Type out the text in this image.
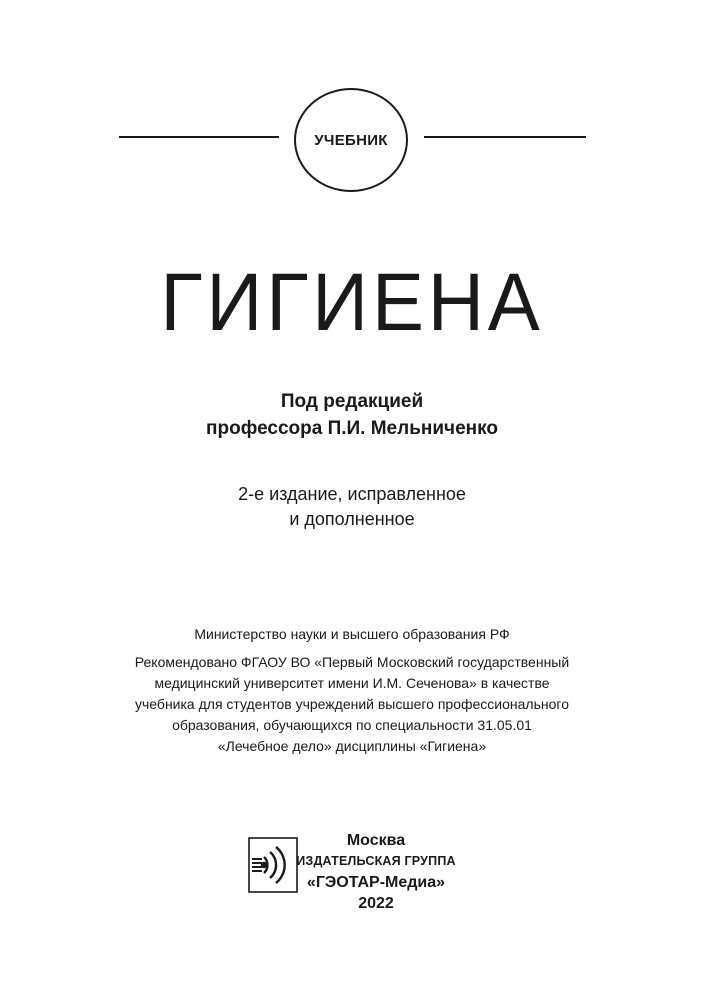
УЧЕБНИК
ГИГИЕНА
Под редакцией
профессора П.И. Мельниченко
2-е издание, исправленное
и дополненное
Министерство науки и высшего образования РФ
Рекомендовано ФГАОУ ВО «Первый Московский государственный
медицинский университет имени И.М. Сеченова» в качестве
учебника для студентов учреждений высшего профессионального
образования, обучающихся по специальности 31.05.01
«Лечебное дело» дисциплины «Гигиена»
Москва
ИЗДАТЕЛЬСКАЯ ГРУППА
«ГЭОТАР-Медиа»
2022
